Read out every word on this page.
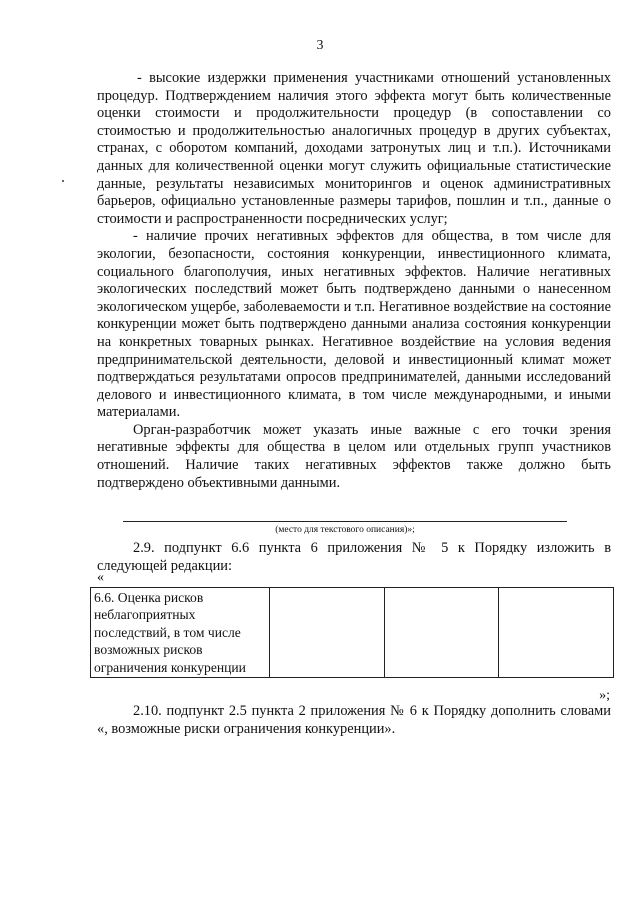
3

- высокие издержки применения участниками отношений установленных процедур. Подтверждением наличия этого эффекта могут быть количественные оценки стоимости и продолжительности процедур (в сопоставлении со стоимостью и продолжительностью аналогичных процедур в других субъектах, странах, с оборотом компаний, доходами затронутых лиц и т.п.). Источниками данных для количественной оценки могут служить официальные статистические данные, результаты независимых мониторингов и оценок административных барьеров, официально установленные размеры тарифов, пошлин и т.п., данные о стоимости и распространенности посреднических услуг;

- наличие прочих негативных эффектов для общества, в том числе для экологии, безопасности, состояния конкуренции, инвестиционного климата, социального благополучия, иных негативных эффектов. Наличие негативных экологических последствий может быть подтверждено данными о нанесенном экологическом ущербе, заболеваемости и т.п. Негативное воздействие на состояние конкуренции может быть подтверждено данными анализа состояния конкуренции на конкретных товарных рынках. Негативное воздействие на условия ведения предпринимательской деятельности, деловой и инвестиционный климат может подтверждаться результатами опросов предпринимателей, данными исследований делового и инвестиционного климата, в том числе международными, и иными материалами.

Орган-разработчик может указать иные важные с его точки зрения негативные эффекты для общества в целом или отдельных групп участников отношений. Наличие таких негативных эффектов также должно быть подтверждено объективными данными.

(место для текстового описания)»;

2.9. подпункт 6.6 пункта 6 приложения № 5 к Порядку изложить в следующей редакции:

«
6.6. Оценка рисков неблагоприятных последствий, в том числе возможных рисков ограничения конкуренции			
»;

2.10. подпункт 2.5 пункта 2 приложения № 6 к Порядку дополнить словами «, возможные риски ограничения конкуренции».
